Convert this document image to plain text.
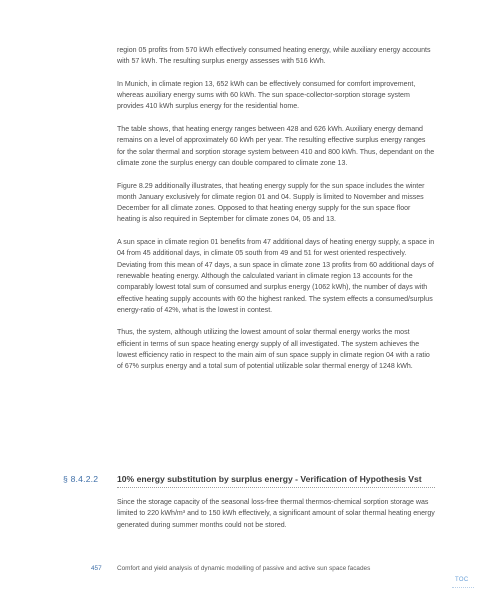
region 05 profits from 570 kWh effectively consumed heating energy, while auxiliary energy accounts with 57 kWh. The resulting surplus energy assesses with 516 kWh.

In Munich, in climate region 13, 652 kWh can be effectively consumed for comfort improvement, whereas auxiliary energy sums with 60 kWh. The sun space-collector-sorption storage system provides 410 kWh surplus energy for the residential home.

The table shows, that heating energy ranges between 428 and 626 kWh. Auxiliary energy demand remains on a level of approximately 60 kWh per year. The resulting effective surplus energy ranges for the solar thermal and sorption storage system between 410 and 800 kWh. Thus, dependant on the climate zone the surplus energy can double compared to climate zone 13.

Figure 8.29 additionally illustrates, that heating energy supply for the sun space includes the winter month January exclusively for climate region 01 and 04. Supply is limited to November and misses December for all climate zones. Opposed to that heating energy supply for the sun space floor heating is also required in September for climate zones 04, 05 and 13.

A sun space in climate region 01 benefits from 47 additional days of heating energy supply, a space in 04 from 45 additional days, in climate 05 south from 49 and 51 for west oriented respectively. Deviating from this mean of 47 days, a sun space in climate zone 13 profits from 60 additional days of renewable heating energy. Although the calculated variant in climate region 13 accounts for the comparably lowest total sum of consumed and surplus energy (1062 kWh), the number of days with effective heating supply accounts with 60 the highest ranked. The system effects a consumed/surplus energy-ratio of 42%, what is the lowest in contest.

Thus, the system, although utilizing the lowest amount of solar thermal energy works the most efficient in terms of sun space heating energy supply of all investigated. The system achieves the lowest efficiency ratio in respect to the main aim of sun space supply in climate region 04 with a ratio of 67% surplus energy and a total sum of potential utilizable solar thermal energy of 1248 kWh.

§ 8.4.2.2 10% energy substitution by surplus energy - Verification of Hypothesis Vst

Since the storage capacity of the seasonal loss-free thermal thermos-chemical sorption storage was limited to 220 kWh/m³ and to 150 kWh effectively, a significant amount of solar thermal heating energy generated during summer months could not be stored.

457 Comfort and yield analysis of dynamic modelling of passive and active sun space facades
TOC
